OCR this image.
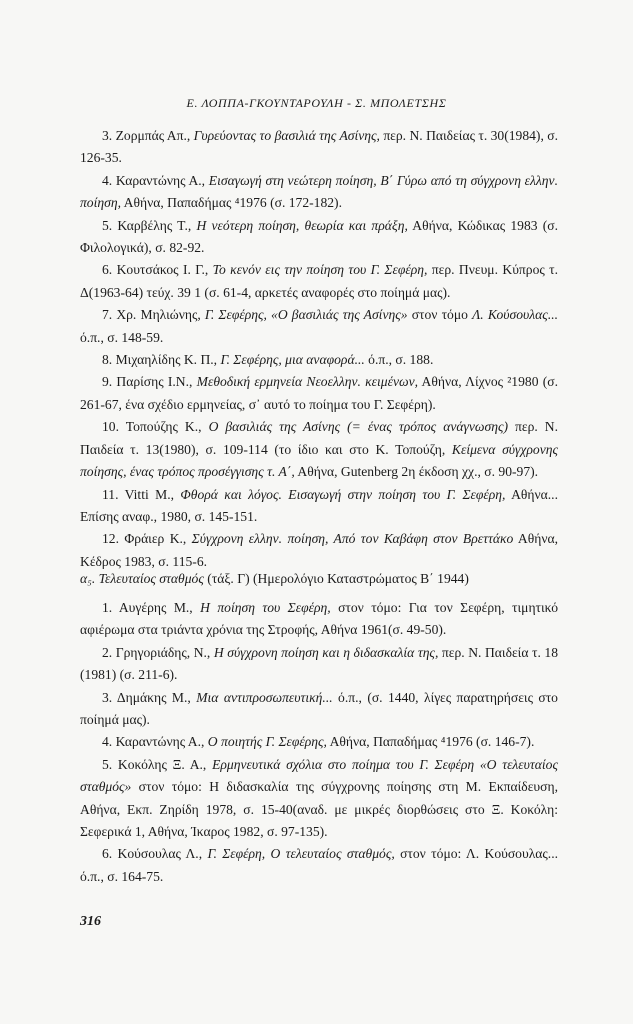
Ε. ΛΟΠΠΑ-ΓΚΟΥΝΤΑΡΟΥΛΗ - Σ. ΜΠΟΛΕΤΣΗΣ

3. Ζορμπάς Απ., Γυρεύοντας το βασιλιά της Ασίνης, περ. Ν. Παιδείας τ. 30(1984), σ. 126-35.

4. Καραντώνης Α., Εισαγωγή στη νεώτερη ποίηση, Β΄ Γύρω από τη σύγχρονη ελλην. ποίηση, Αθήνα, Παπαδήμας ⁴1976 (σ. 172-182).

5. Καρβέλης Τ., Η νεότερη ποίηση, θεωρία και πράξη, Αθήνα, Κώδικας 1983 (σ. Φιλολογικά), σ. 82-92.

6. Κουτσάκος Ι. Γ., Το κενόν εις την ποίηση του Γ. Σεφέρη, περ. Πνευμ. Κύπρος τ. Δ(1963-64) τεύχ. 39 1 (σ. 61-4, αρκετές αναφορές στο ποίημά μας).

7. Χρ. Μηλιώνης, Γ. Σεφέρης, «Ο βασιλιάς της Ασίνης» στον τόμο Λ. Κούσουλας... ό.π., σ. 148-59.

8. Μιχαηλίδης Κ. Π., Γ. Σεφέρης, μια αναφορά... ό.π., σ. 188.

9. Παρίσης Ι.Ν., Μεθοδική ερμηνεία Νεοελλην. κειμένων, Αθήνα, Λίχνος ²1980 (σ. 261-67, ένα σχέδιο ερμηνείας, σ᾿ αυτό το ποίημα του Γ. Σεφέρη).

10. Τοπούζης Κ., Ο βασιλιάς της Ασίνης (= ένας τρόπος ανάγνωσης) περ. Ν. Παιδεία τ. 13(1980), σ. 109-114 (το ίδιο και στο Κ. Τοπούζη, Κείμενα σύγχρονης ποίησης, ένας τρόπος προσέγγισης τ. Α΄, Αθήνα, Gutenberg 2η έκδοση χχ., σ. 90-97).

11. Vitti Μ., Φθορά και λόγος. Εισαγωγή στην ποίηση του Γ. Σεφέρη, Αθήνα... Επίσης αναφ., 1980, σ. 145-151.

12. Φράιερ Κ., Σύγχρονη ελλην. ποίηση, Από τον Καβάφη στον Βρεττάκο Αθήνα, Κέδρος 1983, σ. 115-6.

α₅. Τελευταίος σταθμός (τάξ. Γ) (Ημερολόγιο Καταστρώματος Β΄ 1944)

1. Αυγέρης Μ., Η ποίηση του Σεφέρη, στον τόμο: Για τον Σεφέρη, τιμητικό αφιέρωμα στα τριάντα χρόνια της Στροφής, Αθήνα 1961(σ. 49-50).

2. Γρηγοριάδης, Ν., Η σύγχρονη ποίηση και η διδασκαλία της, περ. Ν. Παιδεία τ. 18 (1981) (σ. 211-6).

3. Δημάκης Μ., Μια αντιπροσωπευτική... ό.π., (σ. 1440, λίγες παρατηρήσεις στο ποίημά μας).

4. Καραντώνης Α., Ο ποιητής Γ. Σεφέρης, Αθήνα, Παπαδήμας ⁴1976 (σ. 146-7).

5. Κοκόλης Ξ. Α., Ερμηνευτικά σχόλια στο ποίημα του Γ. Σεφέρη «Ο τελευταίος σταθμός» στον τόμο: Η διδασκαλία της σύγχρονης ποίησης στη Μ. Εκπαίδευση, Αθήνα, Εκπ. Ζηρίδη 1978, σ. 15-40(αναδ. με μικρές διορθώσεις στο Ξ. Κοκόλη: Σεφερικά 1, Αθήνα, Ίκαρος 1982, σ. 97-135).

6. Κούσουλας Λ., Γ. Σεφέρη, Ο τελευταίος σταθμός, στον τόμο: Λ. Κούσουλας... ό.π., σ. 164-75.

316
